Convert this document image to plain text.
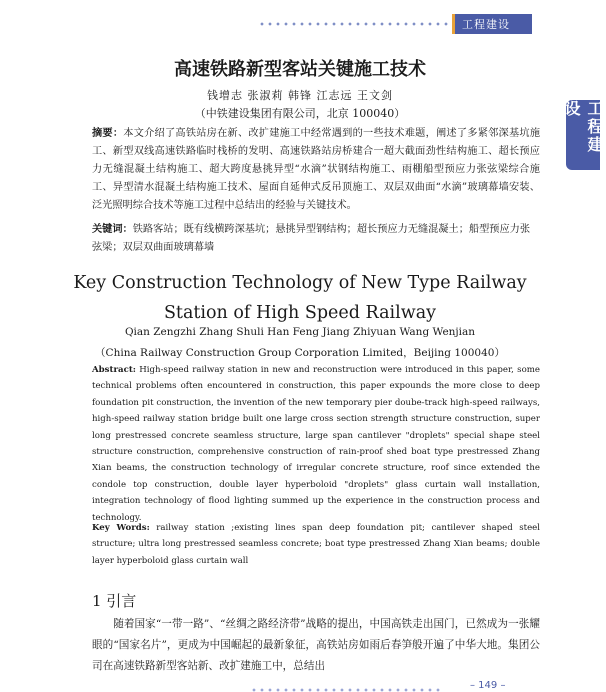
工程建设
工程建设
高速铁路新型客站关键施工技术
钱增志 张淑莉 韩锋 江志远 王文剑
（中铁建设集团有限公司，北京 100040）
摘要：本文介绍了高铁站房在新、改扩建施工中经常遇到的一些技术难题，阐述了多紧邻深基坑施工、新型双线高速铁路临时栈桥的发明、高速铁路站房桥建合一超大截面劲性结构施工、超长预应力无缝混凝土结构施工、超大跨度悬挑异型“水滴”状钢结构施工、雨棚船型预应力张弦梁综合施工、异型清水混凝土结构施工技术、屋面自延伸式反吊顶施工、双层双曲面“水滴”玻璃幕墙安装、泛光照明综合技术等施工过程中总结出的经验与关键技术。
关键词：铁路客站；既有线横跨深基坑；悬挑异型钢结构；超长预应力无缝混凝土；船型预应力张弦梁；双层双曲面玻璃幕墙
Key Construction Technology of New Type Railway
Station of High Speed Railway
Qian Zengzhi Zhang Shuli Han Feng Jiang Zhiyuan Wang Wenjian
（China Railway Construction Group Corporation Limited，Beijing 100040）
Abstract: High-speed railway station in new and reconstruction were introduced in this paper, some technical problems often encountered in construction, this paper expounds the more close to deep foundation pit construction, the invention of the new temporary pier doube-track high-speed railways, high-speed railway station bridge built one large cross section strength structure construction, super long prestressed concrete seamless structure, large span cantilever "droplets" special shape steel structure construction, comprehensive construction of rain-proof shed boat type prestressed Zhang Xian beams, the construction technology of irregular concrete structure, roof since extended the condole top construction, double layer hyperboloid "droplets" glass curtain wall installation, integration technology of flood lighting summed up the experience in the construction process and technology.
Key Words: railway station ;existing lines span deep foundation pit; cantilever shaped steel structure; ultra long prestressed seamless concrete; boat type prestressed Zhang Xian beams; double layer hyperboloid glass curtain wall
1 引言
随着国家“一带一路”、“丝绸之路经济带”战略的提出，中国高铁走出国门，已然成为一张耀眼的“国家名片”，更成为中国崛起的最新象征，高铁站房如雨后春笋般开遍了中华大地。集团公司在高速铁路新型客站新、改扩建施工中，总结出
– 149 –
